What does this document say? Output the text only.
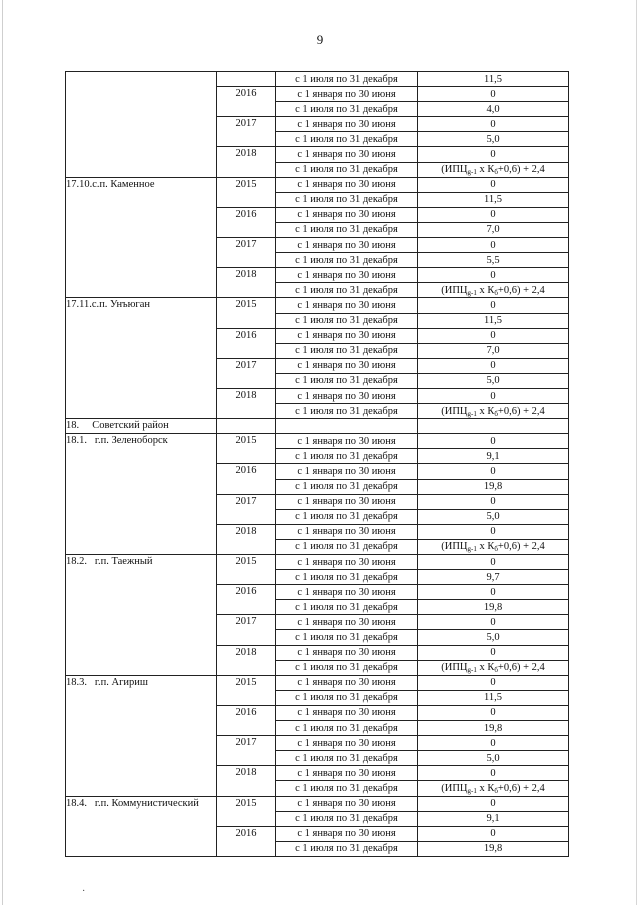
9
		с 1 июля по 31 декабря	11,5
	2016	с 1 января по 30 июня	0
		с 1 июля по 31 декабря	4,0
	2017	с 1 января по 30 июня	0
		с 1 июля по 31 декабря	5,0
	2018	с 1 января по 30 июня	0
		с 1 июля по 31 декабря	($ИПЦ_{g-1}$ x $К_б+0,6) + 2,4$
17.10.с.п. Каменное	2015	с 1 января по 30 июня	0
		с 1 июля по 31 декабря	11,5
	2016	с 1 января по 30 июня	0
		с 1 июля по 31 декабря	7,0
	2017	с 1 января по 30 июня	0
		с 1 июля по 31 декабря	5,5
	2018	с 1 января по 30 июня	0
		с 1 июля по 31 декабря	($ИПЦ_{g-1}$ x $К_б+0,6) + 2,4$
17.11.с.п. Унъюган	2015	с 1 января по 30 июня	0
		с 1 июля по 31 декабря	11,5
	2016	с 1 января по 30 июня	0
		с 1 июля по 31 декабря	7,0
	2017	с 1 января по 30 июня	0
		с 1 июля по 31 декабря	5,0
	2018	с 1 января по 30 июня	0
		с 1 июля по 31 декабря	($ИПЦ_{g-1}$ x $К_б+0,6) + 2,4$
18.     Советский район			
18.1.   г.п. Зеленоборск	2015	с 1 января по 30 июня	0
		с 1 июля по 31 декабря	9,1
	2016	с 1 января по 30 июня	0
		с 1 июля по 31 декабря	19,8
	2017	с 1 января по 30 июня	0
		с 1 июля по 31 декабря	5,0
	2018	с 1 января по 30 июня	0
		с 1 июля по 31 декабря	($ИПЦ_{g-1}$ x $К_б+0,6) + 2,4$
18.2.   г.п. Таежный	2015	с 1 января по 30 июня	0
		с 1 июля по 31 декабря	9,7
	2016	с 1 января по 30 июня	0
		с 1 июля по 31 декабря	19,8
	2017	с 1 января по 30 июня	0
		с 1 июля по 31 декабря	5,0
	2018	с 1 января по 30 июня	0
		с 1 июля по 31 декабря	($ИПЦ_{g-1}$ x $К_б+0,6) + 2,4$
18.3.   г.п. Агириш	2015	с 1 января по 30 июня	0
		с 1 июля по 31 декабря	11,5
	2016	с 1 января по 30 июня	0
		с 1 июля по 31 декабря	19,8
	2017	с 1 января по 30 июня	0
		с 1 июля по 31 декабря	5,0
	2018	с 1 января по 30 июня	0
		с 1 июля по 31 декабря	($ИПЦ_{g-1}$ x $К_б+0,6) + 2,4$
18.4.   г.п. Коммунистический	2015	с 1 января по 30 июня	0
		с 1 июля по 31 декабря	9,1
	2016	с 1 января по 30 июня	0
		с 1 июля по 31 декабря	19,8
·
